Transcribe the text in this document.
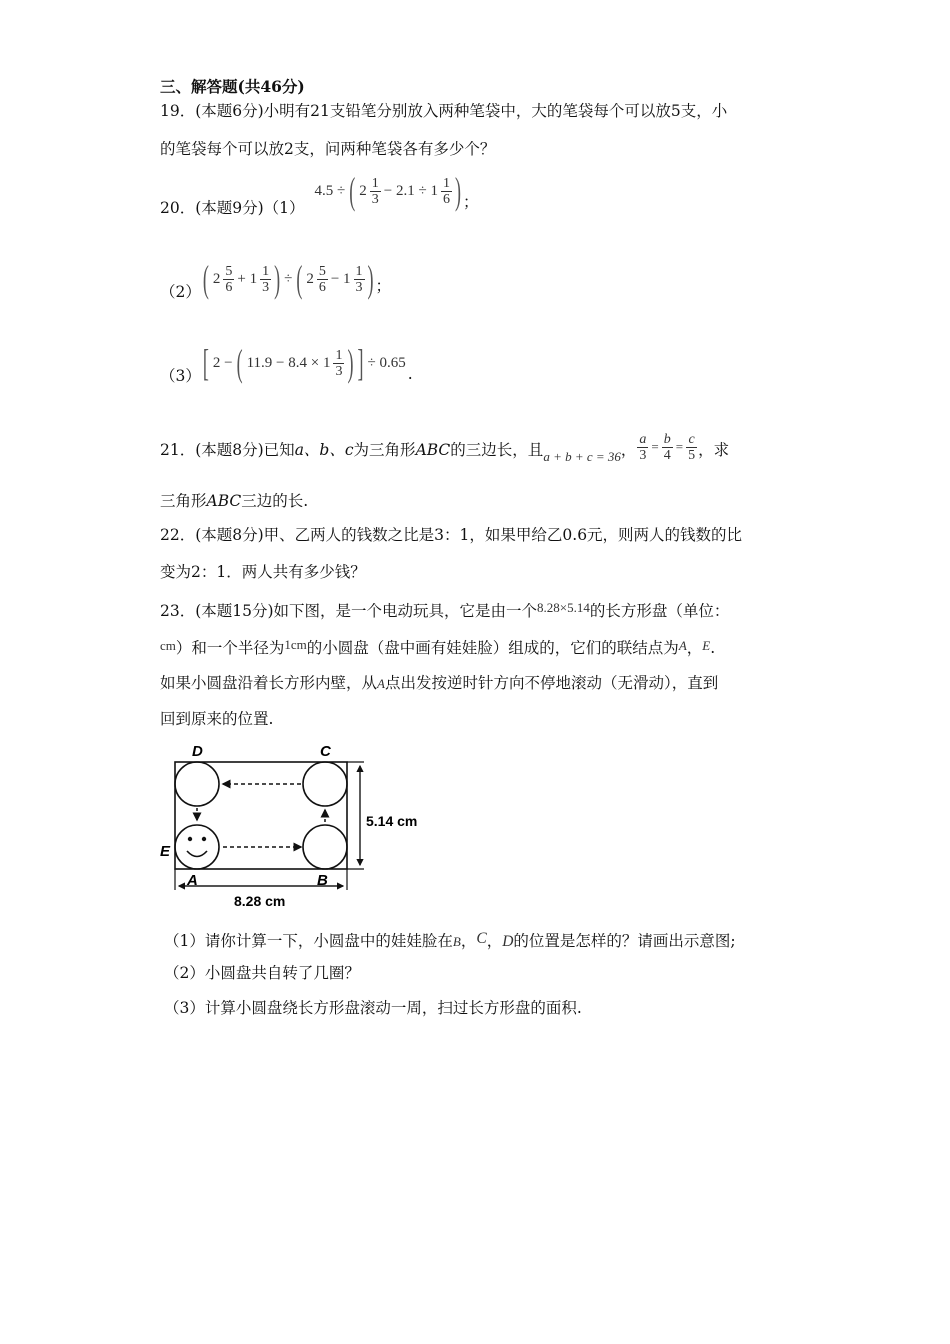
三、解答题(共46分)
19．(本题6分)小明有21支铅笔分别放入两种笔袋中，大的笔袋每个可以放5支，小
的笔袋每个可以放2支，问两种笔袋各有多少个？
20．(本题9分)（1）
4.5 ÷ ( $2 \frac{1}{3} - 2.1 \div 1 \frac{1}{6}$ ) ；
（2） ( $2 \frac{5}{6} + 1 \frac{1}{3}$ ) ÷ ( $2 \frac{5}{6} - 1 \frac{1}{3}$ ) ；
（3） [ 2 − ( $11.9 - 8.4 \times 1 \frac{1}{3}$ ) ] ÷ 0.65
.
21．(本题8分)已知 a、b、c 为三角形 ABC 的三边长，且 a + b + c = 36 ， $\frac{a}{3} = \frac{b}{4} = \frac{c}{5}$ ，求
三角形ABC三边的长.
22．(本题8分)甲、乙两人的钱数之比是3：1，如果甲给乙0.6元，则两人的钱数的比
变为2：1．两人共有多少钱？
23．(本题15分)如下图，是一个电动玩具，它是由一个$^{8.28\times 5.14}$的长方形盘（单位：
cm）和一个半径为$^{1cm}$的小圆盘（盘中画有娃娃脸）组成的，它们的联结点为A，E.
如果小圆盘沿着长方形内壁，从A点出发按逆时针方向不停地滚动（无滑动），直到
回到原来的位置.
D	C
E
A	B
5.14 cm
8.28 cm
（1）请你计算一下，小圆盘中的娃娃脸在B，C，D的位置是怎样的？请画出示意图;
（2）小圆盘共自转了几圈？
（3）计算小圆盘绕长方形盘滚动一周，扫过长方形盘的面积.
